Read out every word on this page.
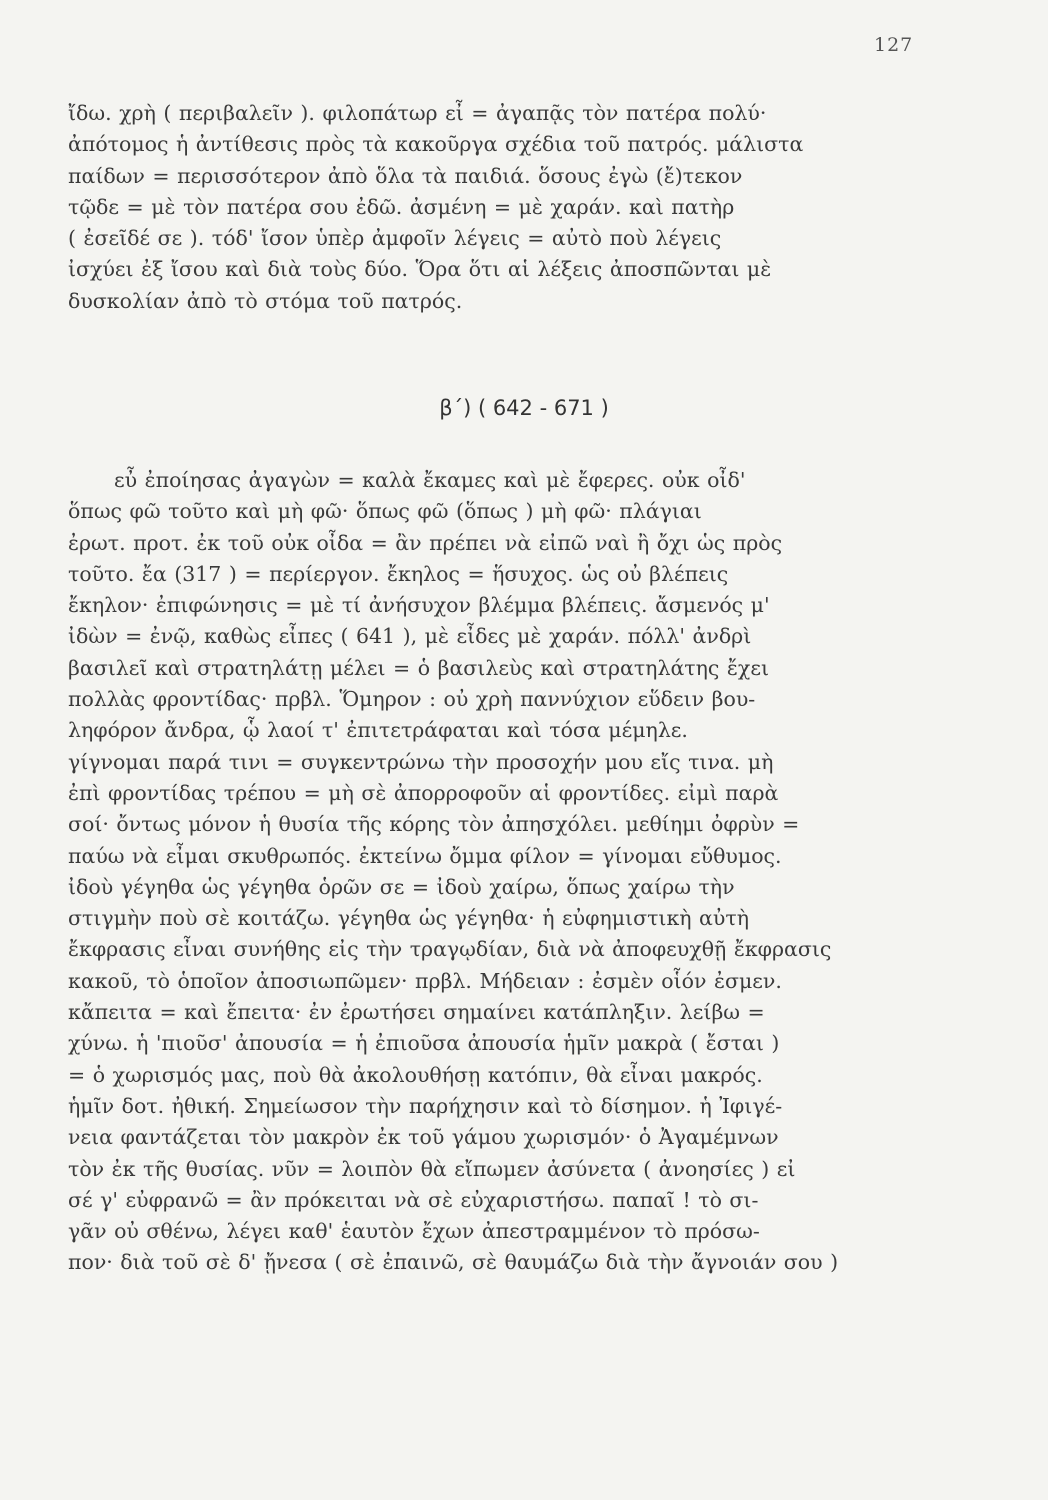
127
ἴδω. χρὴ ( περιβαλεῖν ). φιλοπάτωρ εἶ = ἀγαπᾷς τὸν πατέρα πολύ·
ἀπότομος ἡ ἀντίθεσις πρὸς τὰ κακοῦργα σχέδια τοῦ πατρός. μάλιστα
παίδων = περισσότερον ἀπὸ ὅλα τὰ παιδιά. ὅσους ἐγὼ (ἔ)τεκον
τῷδε = μὲ τὸν πατέρα σου ἐδῶ. ἀσμένη = μὲ χαράν. καὶ πατὴρ
( ἐσεῖδέ σε ). τόδ' ἴσον ὑπὲρ ἀμφοῖν λέγεις = αὐτὸ ποὺ λέγεις
ἰσχύει ἐξ ἴσου καὶ διὰ τοὺς δύο. Ὅρα ὅτι αἱ λέξεις ἀποσπῶνται μὲ
δυσκολίαν ἀπὸ τὸ στόμα τοῦ πατρός.
β΄) ( 642 - 671 )
εὖ ἐποίησας ἀγαγὼν = καλὰ ἔκαμες καὶ μὲ ἔφερες. οὐκ οἶδ'
ὅπως φῶ τοῦτο καὶ μὴ φῶ· ὅπως φῶ (ὅπως ) μὴ φῶ· πλάγιαι
ἐρωτ. προτ. ἐκ τοῦ οὐκ οἶδα = ἂν πρέπει νὰ εἰπῶ ναὶ ἢ ὄχι ὡς πρὸς
τοῦτο. ἔα (317 ) = περίεργον. ἔκηλος = ἥσυχος. ὡς οὐ βλέπεις
ἔκηλον· ἐπιφώνησις = μὲ τί ἀνήσυχον βλέμμα βλέπεις. ἄσμενός μ'
ἰδὼν = ἐνῷ, καθὼς εἶπες ( 641 ), μὲ εἶδες μὲ χαράν. πόλλ' ἀνδρὶ
βασιλεῖ καὶ στρατηλάτῃ μέλει = ὁ βασιλεὺς καὶ στρατηλάτης ἔχει
πολλὰς φροντίδας· πρβλ. Ὅμηρον : οὐ χρὴ παννύχιον εὕδειν βου-
ληφόρον ἄνδρα, ᾧ λαοί τ' ἐπιτετράφαται καὶ τόσα μέμηλε.
γίγνομαι παρά τινι = συγκεντρώνω τὴν προσοχήν μου εἴς τινα. μὴ
ἐπὶ φροντίδας τρέπου = μὴ σὲ ἀπορροφοῦν αἱ φροντίδες. εἰμὶ παρὰ
σοί· ὄντως μόνον ἡ θυσία τῆς κόρης τὸν ἀπησχόλει. μεθίημι ὀφρὺν =
παύω νὰ εἶμαι σκυθρωπός. ἐκτείνω ὄμμα φίλον = γίνομαι εὔθυμος.
ἰδοὺ γέγηθα ὡς γέγηθα ὁρῶν σε = ἰδοὺ χαίρω, ὅπως χαίρω τὴν
στιγμὴν ποὺ σὲ κοιτάζω. γέγηθα ὡς γέγηθα· ἡ εὐφημιστικὴ αὐτὴ
ἔκφρασις εἶναι συνήθης εἰς τὴν τραγῳδίαν, διὰ νὰ ἀποφευχθῇ ἔκφρασις
κακοῦ, τὸ ὁποῖον ἀποσιωπῶμεν· πρβλ. Μήδειαν : ἐσμὲν οἷόν ἐσμεν.
κἄπειτα = καὶ ἔπειτα· ἐν ἐρωτήσει σημαίνει κατάπληξιν. λείβω =
χύνω. ἡ 'πιοῦσ' ἀπουσία = ἡ ἐπιοῦσα ἀπουσία ἡμῖν μακρὰ ( ἔσται )
= ὁ χωρισμός μας, ποὺ θὰ ἀκολουθήσῃ κατόπιν, θὰ εἶναι μακρός.
ἡμῖν δοτ. ἠθική. Σημείωσον τὴν παρήχησιν καὶ τὸ δίσημον. ἡ Ἰφιγέ-
νεια φαντάζεται τὸν μακρὸν ἐκ τοῦ γάμου χωρισμόν· ὁ Ἀγαμέμνων
τὸν ἐκ τῆς θυσίας. νῦν = λοιπὸν θὰ εἴπωμεν ἀσύνετα ( ἀνοησίες ) εἰ
σέ γ' εὐφρανῶ = ἂν πρόκειται νὰ σὲ εὐχαριστήσω. παπαῖ ! τὸ σι-
γᾶν οὐ σθένω, λέγει καθ' ἑαυτὸν ἔχων ἀπεστραμμένον τὸ πρόσω-
πον· διὰ τοῦ σὲ δ' ᾔνεσα ( σὲ ἐπαινῶ, σὲ θαυμάζω διὰ τὴν ἄγνοιάν σου )
